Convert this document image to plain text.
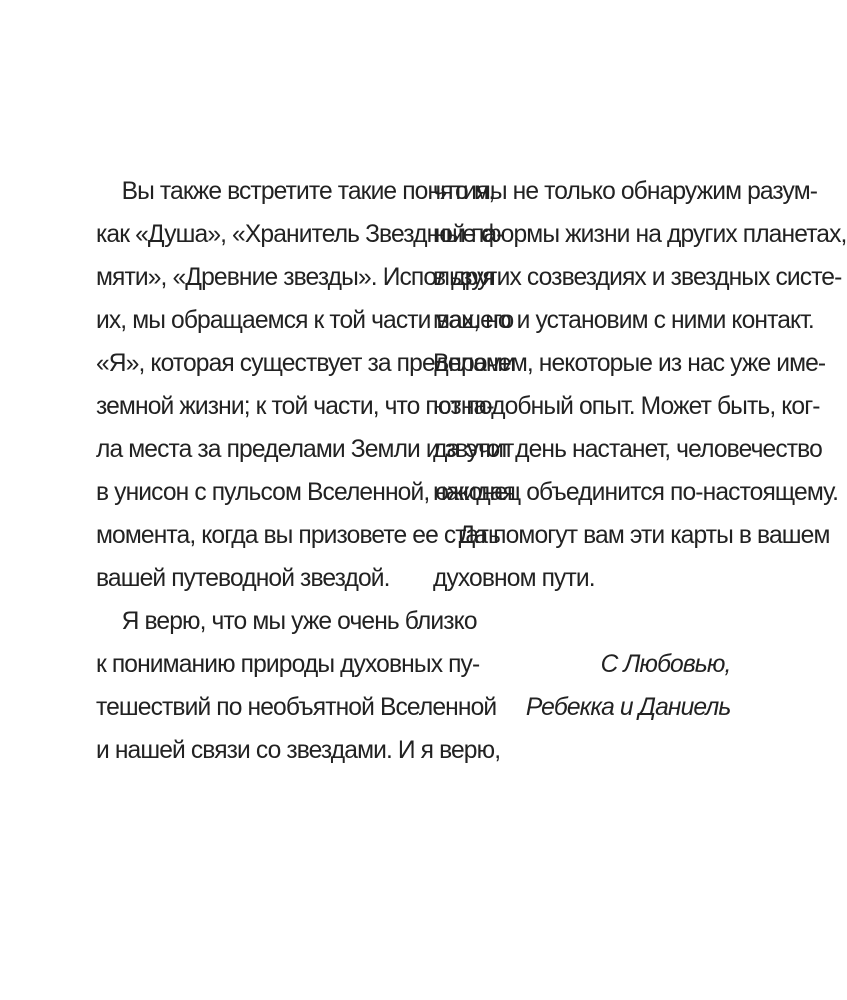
Вы также встретите такие понятия,
как «Душа», «Хранитель Звездной па-
мяти», «Древние звезды». Используя
их, мы обращаемся к той части вашего
«Я», которая существует за пределами
земной жизни; к той части, что позна-
ла места за пределами Земли и звучит
в унисон с пульсом Вселенной, ожидая
момента, когда вы призовете ее стать
вашей путеводной звездой.
Я верю, что мы уже очень близко
к пониманию природы духовных пу-
тешествий по необъятной Вселенной
и нашей связи со звездами. И я верю,
что мы не только обнаружим разум-
ные формы жизни на других планетах,
в других созвездиях и звездных систе-
мах, но и установим с ними контакт.
Впрочем, некоторые из нас уже име-
ют подобный опыт. Может быть, ког-
да этот день настанет, человечество
наконец объединится по-настоящему.
Да помогут вам эти карты в вашем
духовном пути.
С Любовью,
Ребекка и Даниель
